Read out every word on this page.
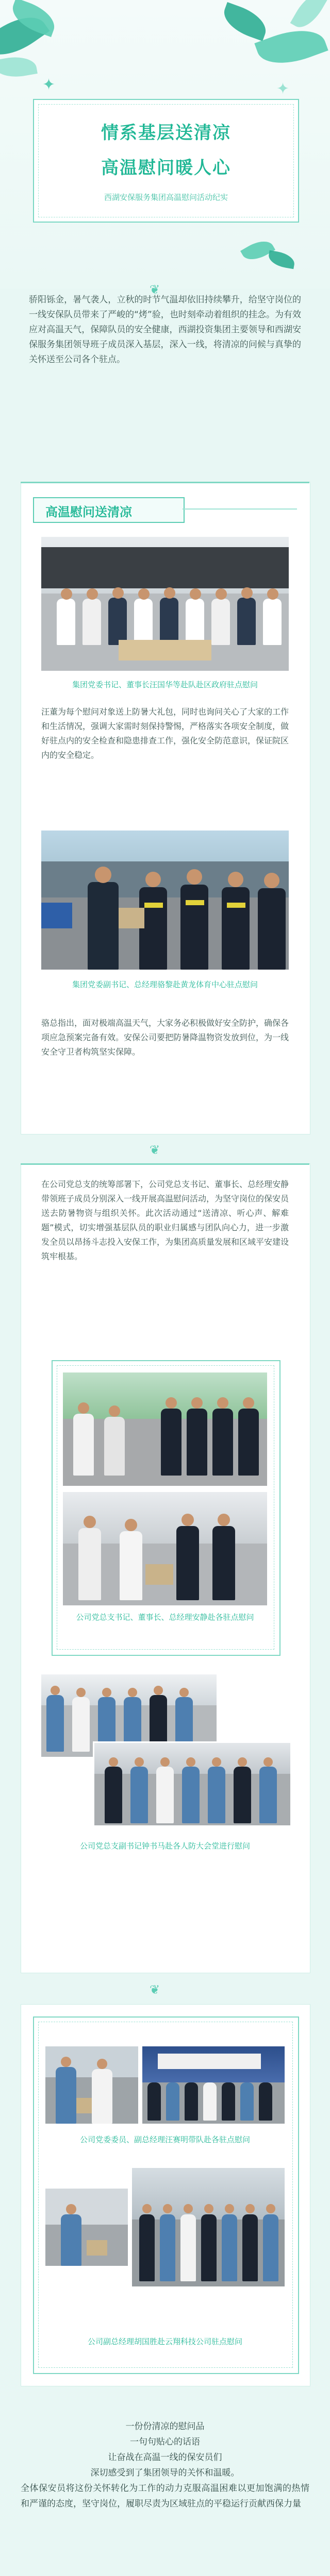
✦	✦
情系基层送清凉
高温慰问暖人心
西湖安保服务集团高温慰问活动纪实
❦
骄阳铄金，暑气袭人，立秋的时节气温却依旧持续攀升，给坚守岗位的一线安保队员带来了严峻的“烤”验，也时刻牵动着组织的挂念。为有效应对高温天气，保障队员的安全健康，西湖投资集团主要领导和西湖安保服务集团领导班子成员深入基层，深入一线，将清凉的问候与真挚的关怀送至公司各个驻点。
高温慰问送清凉
集团党委书记、董事长汪国华等赴队赴区政府驻点慰问
汪董为每个慰问对象送上防暑大礼包，同时也询问关心了大家的工作和生活情况，强调大家需时刻保持警惕，严格落实各项安全制度，做好驻点内的安全检查和隐患排查工作，强化安全防范意识，保证院区内的安全稳定。
集团党委副书记、总经理骆黎赴黄龙体育中心驻点慰问
骆总指出，面对极端高温天气，大家务必积极做好安全防护，确保各项应急预案完备有效。安保公司要把防暑降温物资发放到位，为一线安全守卫者构筑坚实保障。
❦
在公司党总支的统筹部署下，公司党总支书记、董事长、总经理安静带领班子成员分别深入一线开展高温慰问活动，为坚守岗位的保安员送去防暑物资与组织关怀。此次活动通过“送清凉、听心声、解难题”模式，切实增强基层队员的职业归属感与团队向心力，进一步激发全员以昂扬斗志投入安保工作，为集团高质量发展和区域平安建设筑牢根基。
公司党总支书记、董事长、总经理安静赴各驻点慰问
公司党总支副书记钟书马赴各人防大会堂进行慰问
❦
公司党委委员、副总经理汪赛明带队赴各驻点慰问
公司副总经理胡国胜赴云翔科技公司驻点慰问
一份份清凉的慰问品
一句句贴心的话语
让奋战在高温一线的保安员们
深切感受到了集团领导的关怀和温暖。
全体保安员将这份关怀转化为工作的动力克服高温困难以更加饱满的热情和严谨的态度，坚守岗位，履职尽责为区域驻点的平稳运行贡献西保力量
